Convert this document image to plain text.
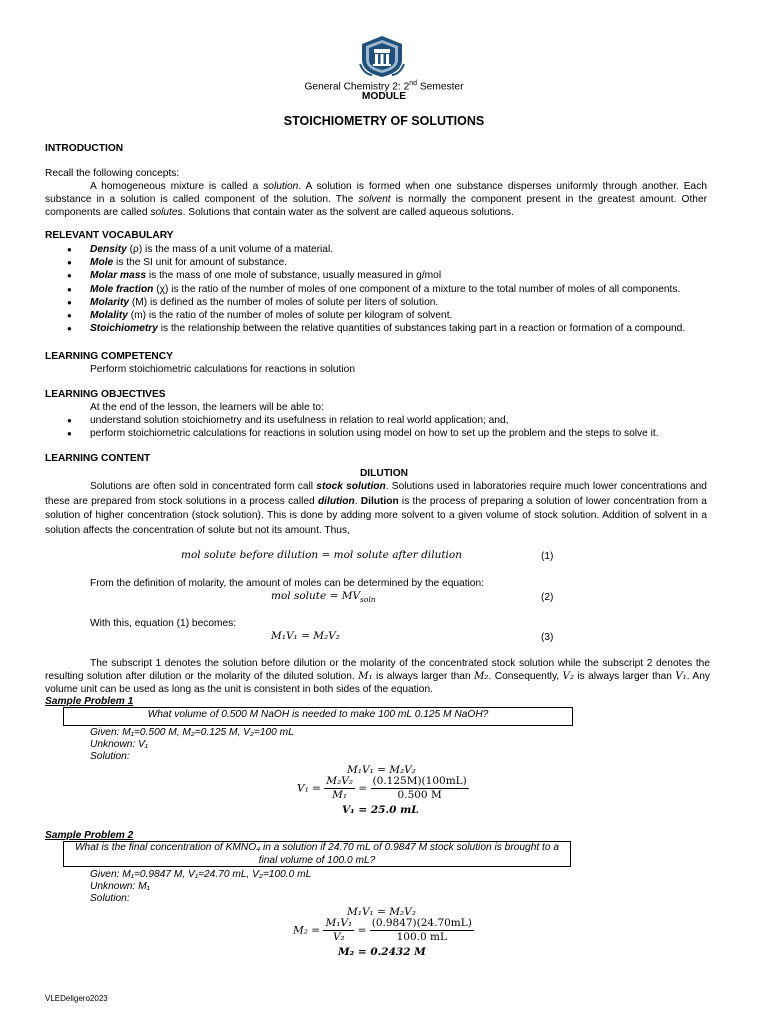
General Chemistry 2: 2nd Semester
MODULE
STOICHIOMETRY OF SOLUTIONS
INTRODUCTION
Recall the following concepts:
A homogeneous mixture is called a solution. A solution is formed when one substance disperses uniformly through another. Each substance in a solution is called component of the solution. The solvent is normally the component present in the greatest amount. Other components are called solutes. Solutions that contain water as the solvent are called aqueous solutions.
RELEVANT VOCABULARY
● Density (ρ) is the mass of a unit volume of a material.
● Mole is the SI unit for amount of substance.
● Molar mass is the mass of one mole of substance, usually measured in g/mol
● Mole fraction (χ) is the ratio of the number of moles of one component of a mixture to the total number of moles of all components.
● Molarity (M) is defined as the number of moles of solute per liters of solution.
● Molality (m) is the ratio of the number of moles of solute per kilogram of solvent.
● Stoichiometry is the relationship between the relative quantities of substances taking part in a reaction or formation of a compound.
LEARNING COMPETENCY
Perform stoichiometric calculations for reactions in solution
LEARNING OBJECTIVES
At the end of the lesson, the learners will be able to:
● understand solution stoichiometry and its usefulness in relation to real world application; and,
● perform stoichiometric calculations for reactions in solution using model on how to set up the problem and the steps to solve it.
LEARNING CONTENT
DILUTION
Solutions are often sold in concentrated form call stock solution. Solutions used in laboratories require much lower concentrations and these are prepared from stock solutions in a process called dilution. Dilution is the process of preparing a solution of lower concentration from a solution of higher concentration (stock solution). This is done by adding more solvent to a given volume of stock solution. Addition of solvent in a solution affects the concentration of solute but not its amount. Thus,
mol solute before dilution = mol solute after dilution	(1)
From the definition of molarity, the amount of moles can be determined by the equation:
mol solute = $MV_{soln}$	(2)
With this, equation (1) becomes:
M₁V₁ = M₂V₂	(3)
The subscript 1 denotes the solution before dilution or the molarity of the concentrated stock solution while the subscript 2 denotes the resulting solution after dilution or the molarity of the diluted solution. M₁ is always larger than M₂. Consequently, V₂ is always larger than V₁. Any volume unit can be used as long as the unit is consistent in both sides of the equation.
Sample Problem 1
What volume of 0.500 M NaOH is needed to make 100 mL 0.125 M NaOH?
Given: M₁=0.500 M, M₂=0.125 M, V₂=100 mL
Unknown: V₁
Solution:
M₁V₁ = M₂V₂
$V_1 = \frac{\text{M₂V₂}}{\text{M₁}} = \frac{(0.125M)(100mL)}{0.500 M}$
V₁ = 25.0 mL
Sample Problem 2
What is the final concentration of KMNO₄ in a solution if 24.70 mL of 0.9847 M stock solution is brought to a final volume of 100.0 mL?
Given: M₁=0.9847 M, V₁=24.70 mL, V₂=100.0 mL
Unknown: M₁
Solution:
M₁V₁ = M₂V₂
$M_2 = \frac{\text{M₁V₁}}{\text{V₂}} = \frac{(0.9847)(24.70mL)}{100.0 mL}$
M₂ = 0.2432 M
VLEDeligero2023
